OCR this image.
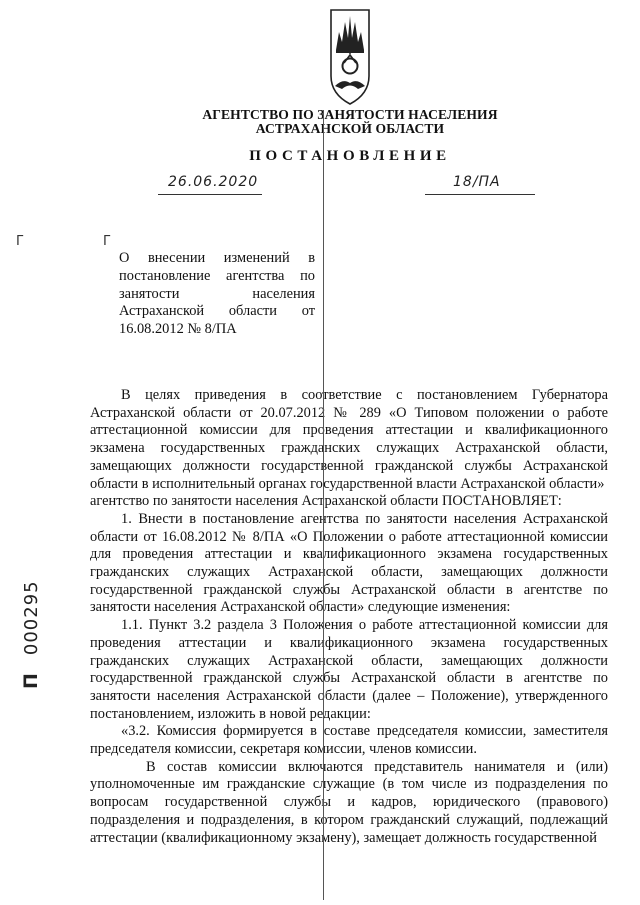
АГЕНТСТВО ПО ЗАНЯТОСТИ НАСЕЛЕНИЯ
АСТРАХАНСКОЙ ОБЛАСТИ
ПОСТАНОВЛЕНИЕ
26.06.2020	18/ПА
Г	Г
О внесении изменений в постановление агентства по занятости населения Астраханской области от 16.08.2012 № 8/ПА

В целях приведения в соответствие с постановлением Губернатора Астраханской области от 20.07.2012 № 289 «О Типовом положении о работе аттестационной комиссии для проведения аттестации и квалификационного экзамена государственных гражданских служащих Астраханской области, замещающих должности государственной гражданской службы Астраханской области в исполнительный органах государственной власти Астраханской области»

агентство по занятости населения Астраханской области ПОСТАНОВЛЯЕТ:

1. Внести в постановление агентства по занятости населения Астраханской области от 16.08.2012 № 8/ПА «О Положении о работе аттестационной комиссии для проведения аттестации и квалификационного экзамена государственных гражданских служащих Астраханской области, замещающих должности государственной гражданской службы Астраханской области в агентстве по занятости населения Астраханской области» следующие изменения:

1.1. Пункт 3.2 раздела 3 Положения о работе аттестационной комиссии для проведения аттестации и квалификационного экзамена государственных гражданских служащих Астраханской области, замещающих должности государственной гражданской службы Астраханской области в агентстве по занятости населения Астраханской области (далее – Положение), утвержденного постановлением, изложить в новой редакции:

«3.2. Комиссия формируется в составе председателя комиссии, заместителя председателя комиссии, секретаря комиссии, членов комиссии.

В состав комиссии включаются представитель нанимателя и (или) уполномоченные им гражданские служащие (в том числе из подразделения по вопросам государственной службы и кадров, юридического (правового) подразделения и подразделения, в котором гражданский служащий, подлежащий аттестации (квалификационному экзамену), замещает должность государственной

П000295
